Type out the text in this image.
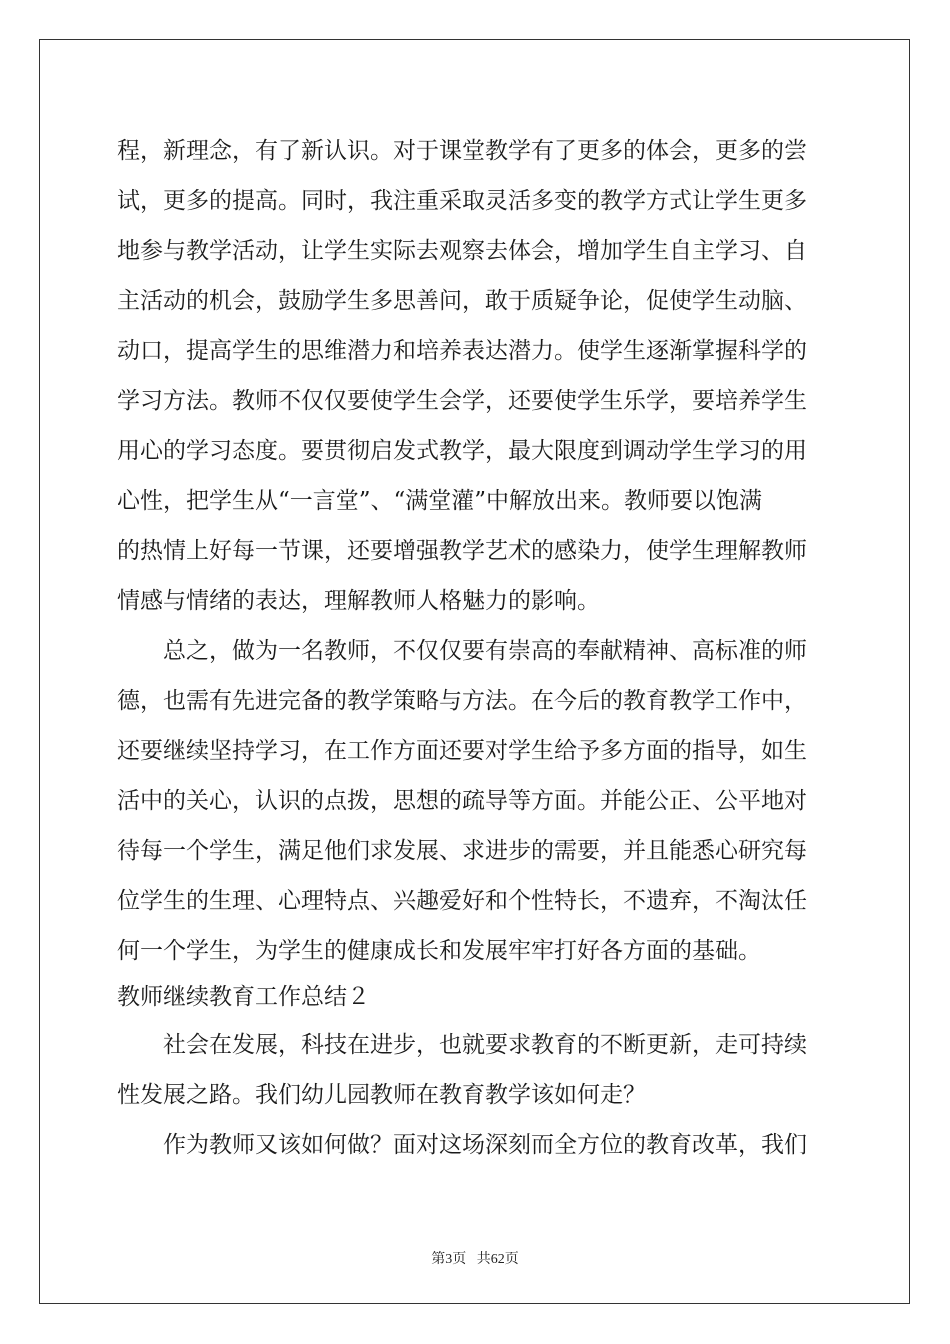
程，新理念，有了新认识。对于课堂教学有了更多的体会，更多的尝

试，更多的提高。同时，我注重采取灵活多变的教学方式让学生更多

地参与教学活动，让学生实际去观察去体会，增加学生自主学习、自

主活动的机会，鼓励学生多思善问，敢于质疑争论，促使学生动脑、

动口，提高学生的思维潜力和培养表达潜力。使学生逐渐掌握科学的

学习方法。教师不仅仅要使学生会学，还要使学生乐学，要培养学生

用心的学习态度。要贯彻启发式教学，最大限度到调动学生学习的用

心性，把学生从“一言堂”、“满堂灌”中解放出来。教师要以饱满

的热情上好每一节课，还要增强教学艺术的感染力，使学生理解教师

情感与情绪的表达，理解教师人格魅力的影响。

　　总之，做为一名教师，不仅仅要有崇高的奉献精神、高标准的师

德，也需有先进完备的教学策略与方法。在今后的教育教学工作中，

还要继续坚持学习，在工作方面还要对学生给予多方面的指导，如生

活中的关心，认识的点拨，思想的疏导等方面。并能公正、公平地对

待每一个学生，满足他们求发展、求进步的需要，并且能悉心研究每

位学生的生理、心理特点、兴趣爱好和个性特长，不遗弃，不淘汰任

何一个学生，为学生的健康成长和发展牢牢打好各方面的基础。

教师继续教育工作总结２

　　社会在发展，科技在进步，也就要求教育的不断更新，走可持续

性发展之路。我们幼儿园教师在教育教学该如何走？

　　作为教师又该如何做？面对这场深刻而全方位的教育改革，我们

第3页 共62页
